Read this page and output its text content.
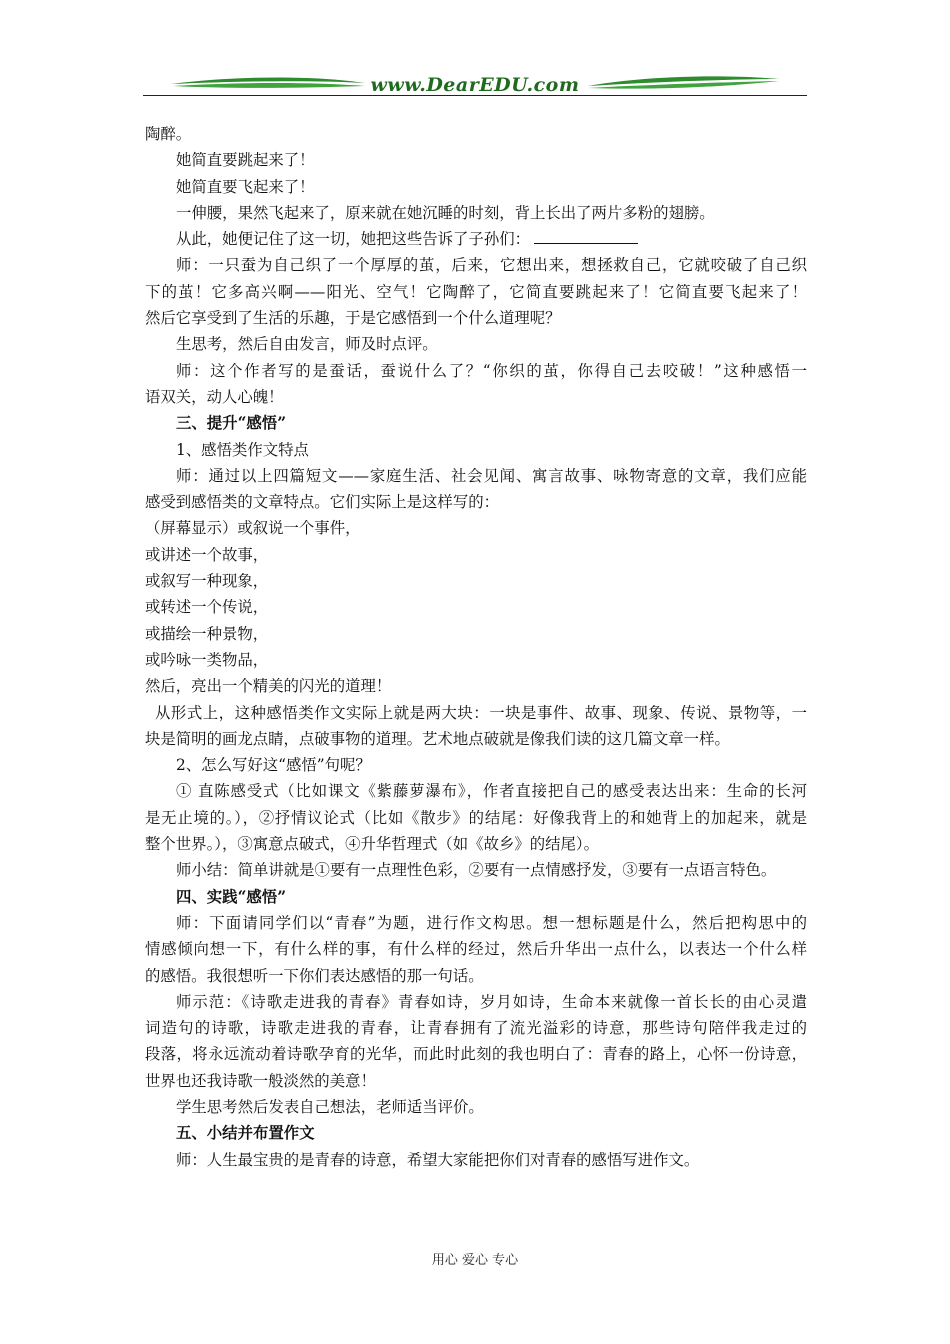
www.DearEDU.com

陶醉。

她简直要跳起来了！

她简直要飞起来了！

一伸腰，果然飞起来了，原来就在她沉睡的时刻，背上长出了两片多粉的翅膀。

从此，她便记住了这一切，她把这些告诉了子孙们：

师：一只蚕为自己织了一个厚厚的茧，后来，它想出来，想拯救自己，它就咬破了自己织

下的茧！它多高兴啊——阳光、空气！它陶醉了，它简直要跳起来了！它简直要飞起来了！

然后它享受到了生活的乐趣，于是它感悟到一个什么道理呢？

生思考，然后自由发言，师及时点评。

师：这个作者写的是蚕话，蚕说什么了？“你织的茧，你得自己去咬破！”这种感悟一

语双关，动人心魄！

三、提升“感悟”

1、感悟类作文特点

师：通过以上四篇短文——家庭生活、社会见闻、寓言故事、咏物寄意的文章，我们应能

感受到感悟类的文章特点。它们实际上是这样写的：

（屏幕显示）或叙说一个事件，

或讲述一个故事，

或叙写一种现象，

或转述一个传说，

或描绘一种景物，

或吟咏一类物品，

然后，亮出一个精美的闪光的道理！

从形式上，这种感悟类作文实际上就是两大块：一块是事件、故事、现象、传说、景物等，一

块是简明的画龙点睛，点破事物的道理。艺术地点破就是像我们读的这几篇文章一样。

2、怎么写好这“感悟”句呢？

① 直陈感受式（比如课文《紫藤萝瀑布》，作者直接把自己的感受表达出来：生命的长河

是无止境的。），②抒情议论式（比如《散步》的结尾：好像我背上的和她背上的加起来，就是

整个世界。），③寓意点破式，④升华哲理式（如《故乡》的结尾）。

师小结：简单讲就是①要有一点理性色彩，②要有一点情感抒发，③要有一点语言特色。

四、实践“感悟”

师：下面请同学们以“青春”为题，进行作文构思。想一想标题是什么，然后把构思中的

情感倾向想一下，有什么样的事，有什么样的经过，然后升华出一点什么，以表达一个什么样

的感悟。我很想听一下你们表达感悟的那一句话。

师示范：《诗歌走进我的青春》青春如诗，岁月如诗，生命本来就像一首长长的由心灵遣

词造句的诗歌，诗歌走进我的青春，让青春拥有了流光溢彩的诗意，那些诗句陪伴我走过的

段落，将永远流动着诗歌孕育的光华，而此时此刻的我也明白了：青春的路上，心怀一份诗意，

世界也还我诗歌一般淡然的美意！

学生思考然后发表自己想法，老师适当评价。

五、小结并布置作文

师：人生最宝贵的是青春的诗意，希望大家能把你们对青春的感悟写进作文。

用心 爱心 专心
